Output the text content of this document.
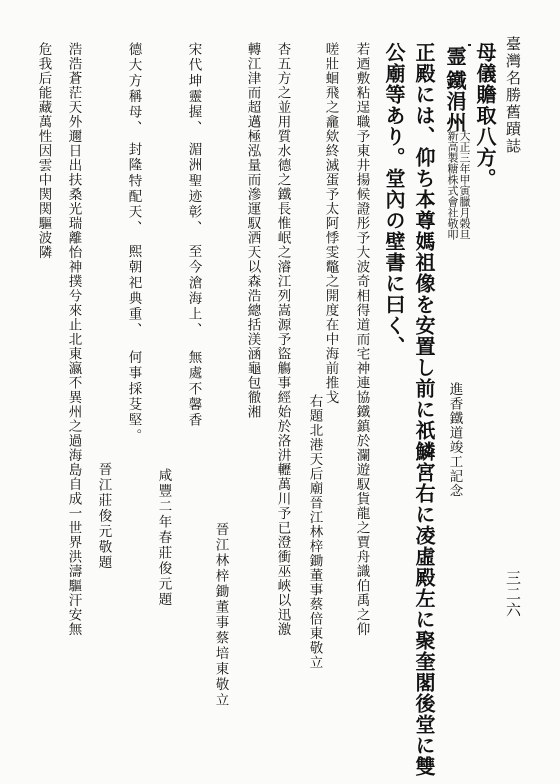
臺灣名勝舊蹟誌
三二六
母儀贍取八方。
霊
鐵涓州
大正三年甲寅臘月榖旦
新高製糖株式會社敬叩
進香鐵道竣工記念
正殿には、仰ち本尊媽祖像を安置し前に祇鱗宮右に凌虛殿左に聚奎閣後堂に雙
公廟等あり。堂內の壁書に曰く、
若迺敷粘逞職予東井揚候證彤予大波奇相得道而宅神連協鐵鎮於瀾遊馭貨龍之賈舟識伯禹之仰
嗟壯蛔飛之龕欸終滅蛋予太阿悸雯鼈之開度在中海前推戈
右題北港天后廟晉江林梓鋤董事蔡倍東敬立
杏五方之並用質水德之鐵長惟岷之濬江列嵩源予盜觴事經始於洛汫轣萬川予已澄衝巫峽以迅激
轉江津而超邁極泓量而滲運馭洒天以森浩總括渼涵龜包徹湘
晉江林梓鋤董事蔡培東敬立
宋代坤靈握、
湄洲聖迹彰、
至今滄海上、
無處不馨香
咸豐二年春莊俊元題
德大方稱母、
封隆特配天、
熙朝祀典重、
何事採芟堅。
晉江莊俊元敬題
浩浩蒼茫天外邇日出扶桑光瑞離怡神撲兮來止北東瀛不異州之過海島自成一世界洪濤驅汗安無
危我后能藏萬性因雲中関関驅波隣
